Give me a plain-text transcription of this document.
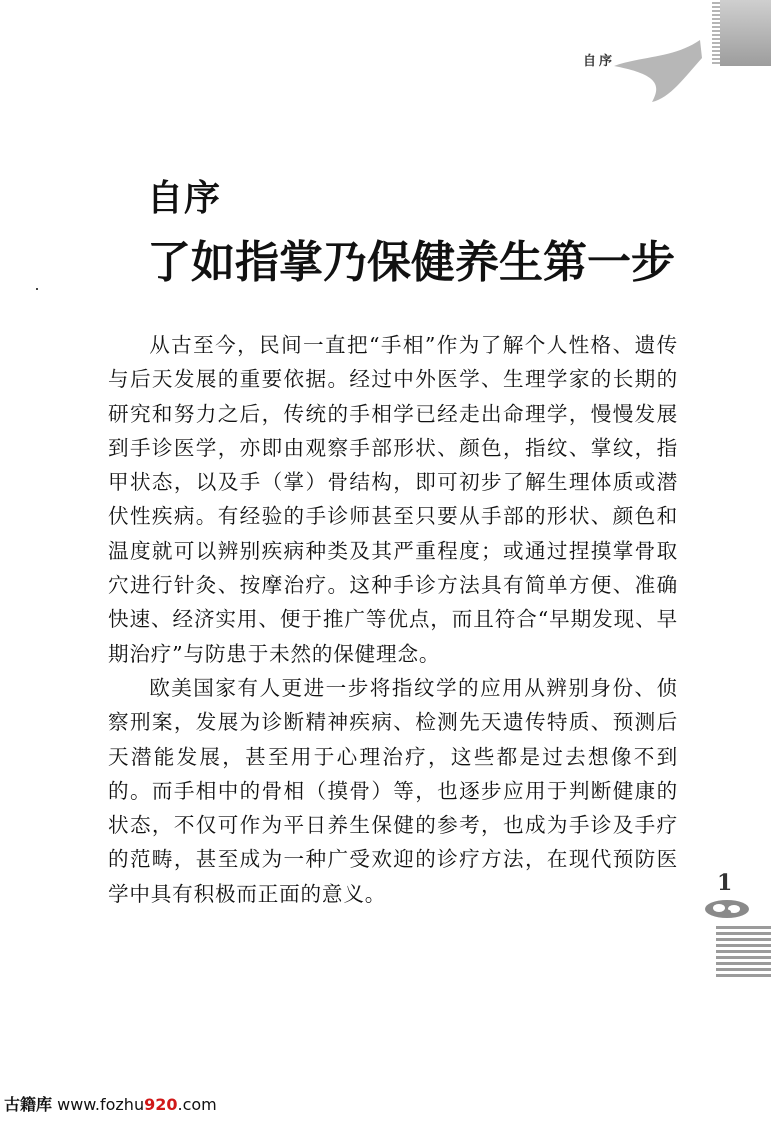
自序
自序
了如指掌乃保健养生第一步

从古至今，民间一直把“手相”作为了解个人性格、遗传与后天发展的重要依据。经过中外医学、生理学家的长期的研究和努力之后，传统的手相学已经走出命理学，慢慢发展到手诊医学，亦即由观察手部形状、颜色，指纹、掌纹，指甲状态，以及手（掌）骨结构，即可初步了解生理体质或潜伏性疾病。有经验的手诊师甚至只要从手部的形状、颜色和温度就可以辨别疾病种类及其严重程度；或通过捏摸掌骨取穴进行针灸、按摩治疗。这种手诊方法具有简单方便、准确快速、经济实用、便于推广等优点，而且符合“早期发现、早期治疗”与防患于未然的保健理念。

欧美国家有人更进一步将指纹学的应用从辨别身份、侦察刑案，发展为诊断精神疾病、检测先天遗传特质、预测后天潜能发展，甚至用于心理治疗，这些都是过去想像不到的。而手相中的骨相（摸骨）等，也逐步应用于判断健康的状态，不仅可作为平日养生保健的参考，也成为手诊及手疗的范畴，甚至成为一种广受欢迎的诊疗方法，在现代预防医学中具有积极而正面的意义。	1
古籍库 www.fozhu920.com
